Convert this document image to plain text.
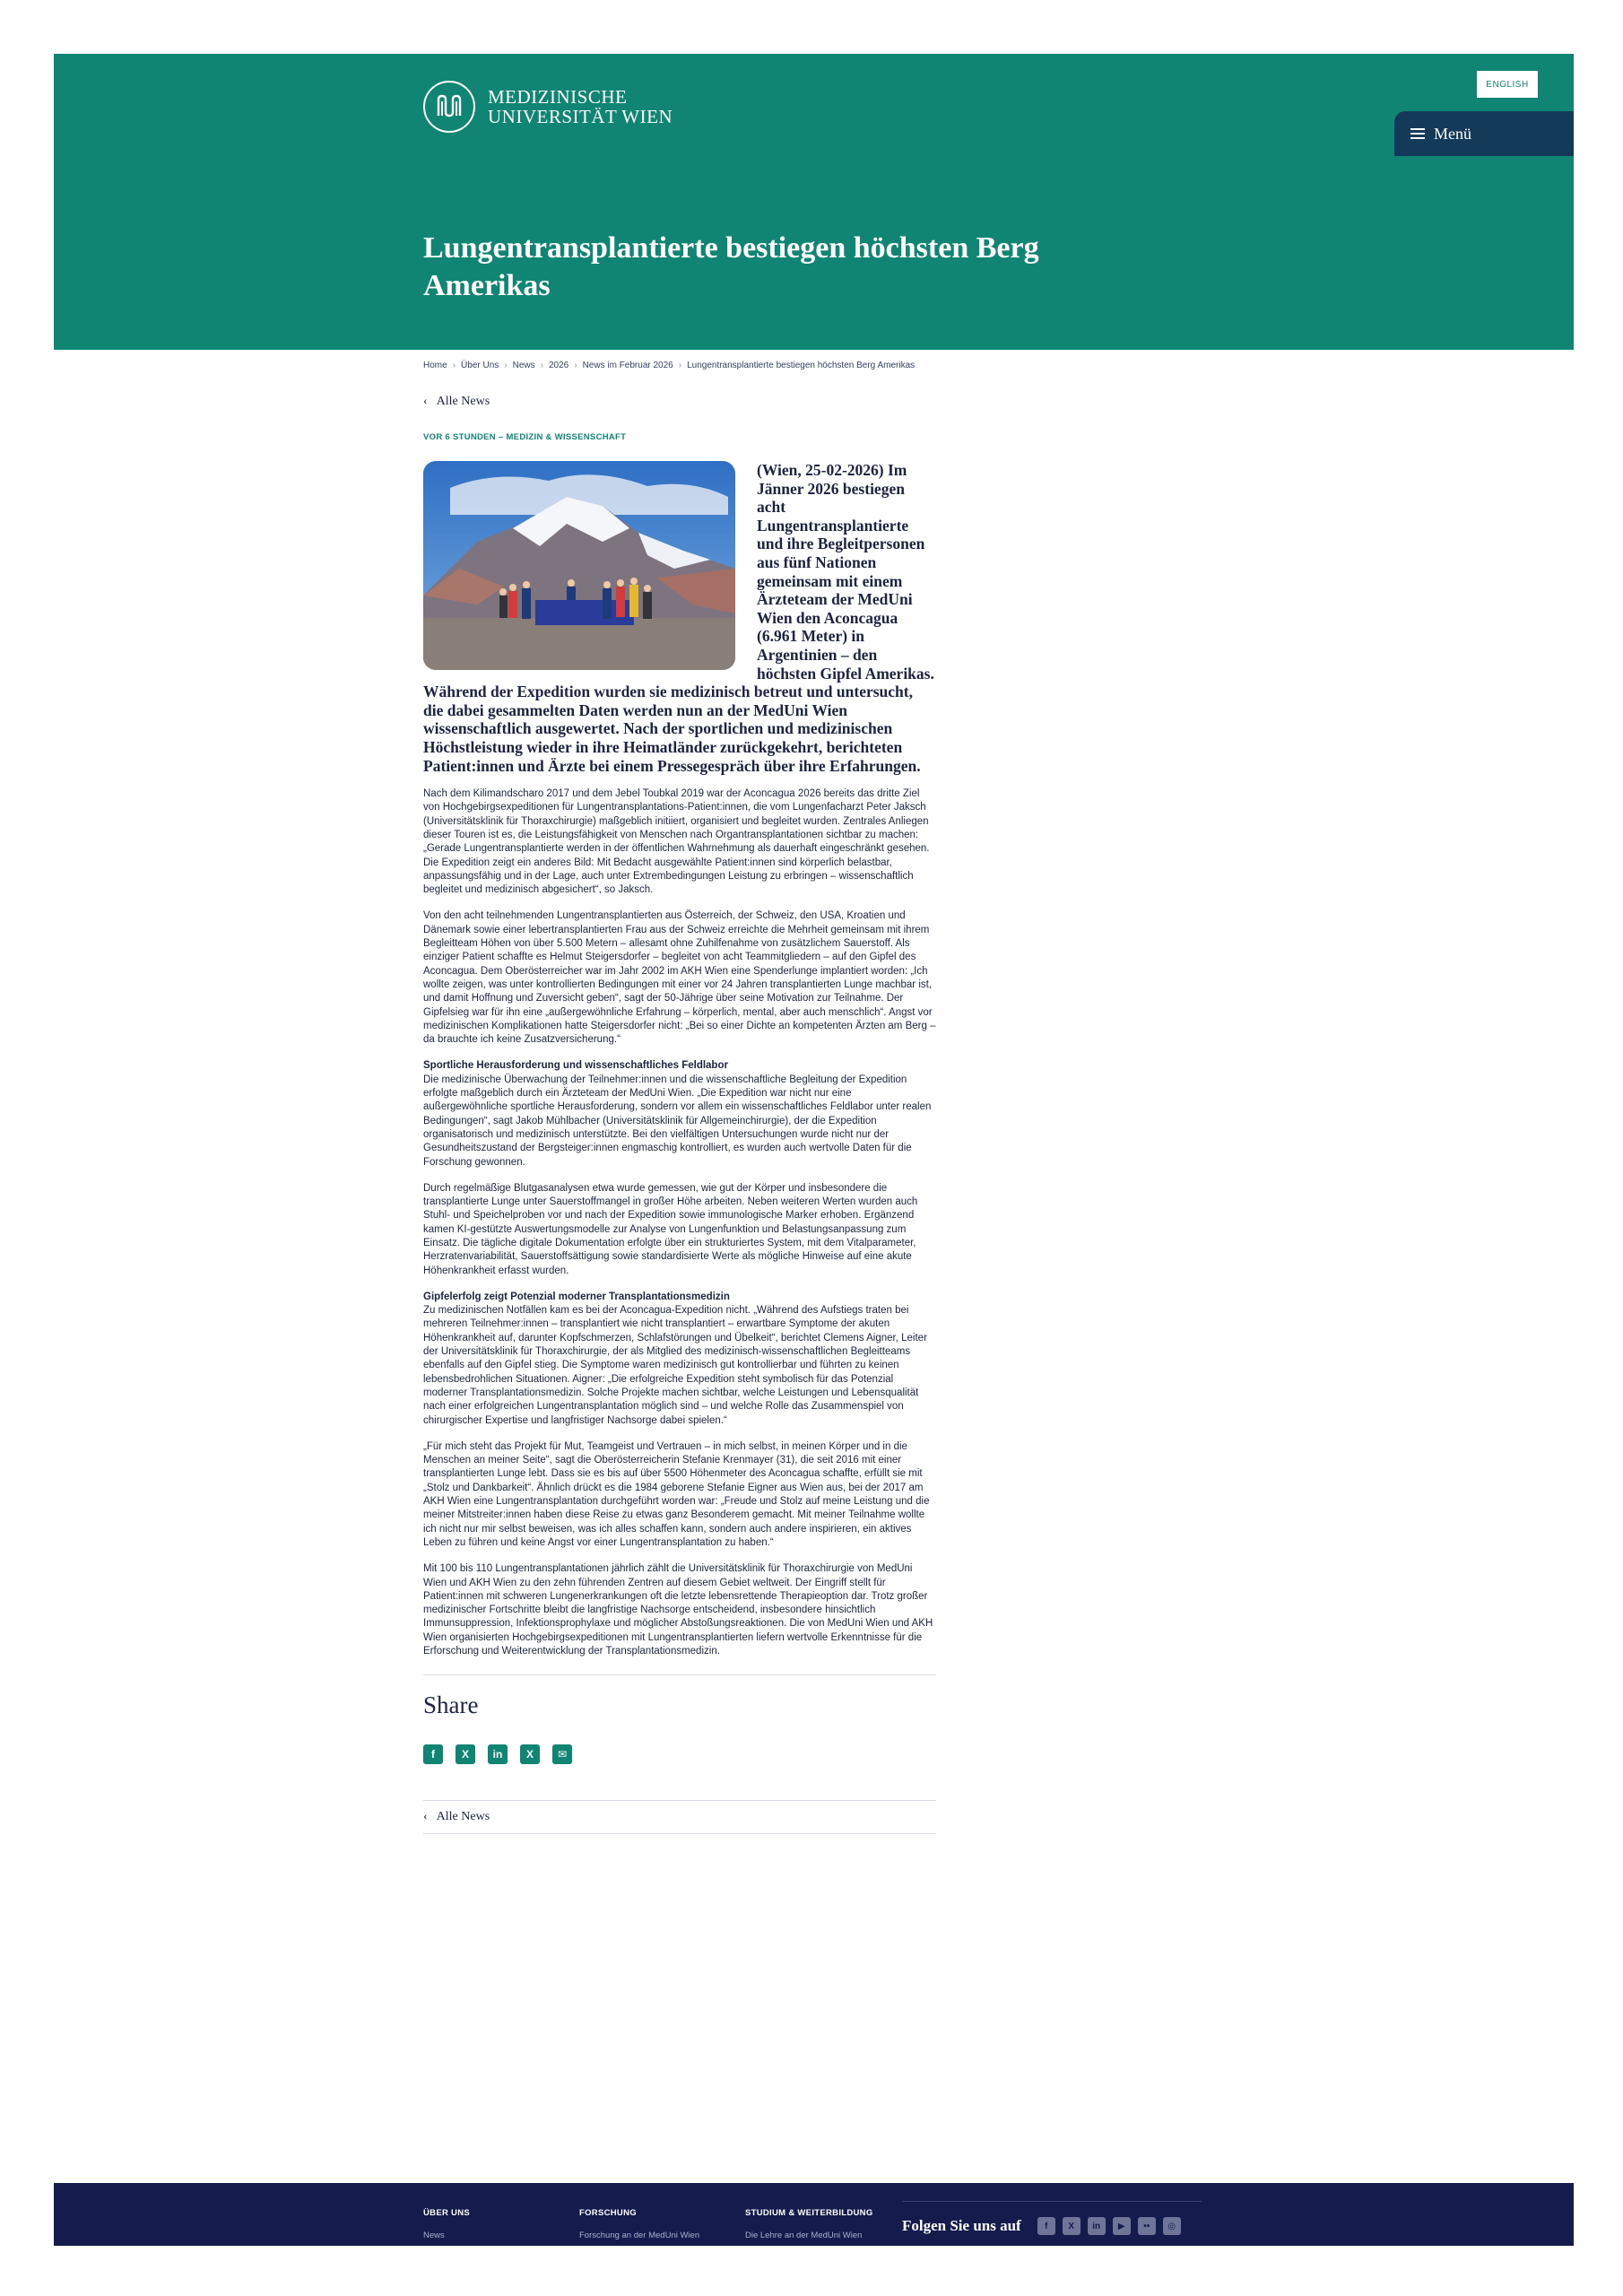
MEDIZINISCHE
UNIVERSITÄT WIEN
ENGLISH
Menü
Lungentransplantierte bestiegen höchsten Berg Amerikas
Home › Über Uns › News › 2026 › News im Februar 2026 › Lungentransplantierte bestiegen höchsten Berg Amerikas
‹ Alle News
VOR 6 STUNDEN – MEDIZIN & WISSENSCHAFT

(Wien, 25-02-2026) Im Jänner 2026 bestiegen acht Lungentransplantierte und ihre Begleitpersonen aus fünf Nationen gemeinsam mit einem Ärzteteam der MedUni Wien den Aconcagua (6.961 Meter) in Argentinien – den höchsten Gipfel Amerikas. Während der Expedition wurden sie medizinisch betreut und untersucht, die dabei gesammelten Daten werden nun an der MedUni Wien wissenschaftlich ausgewertet. Nach der sportlichen und medizinischen Höchstleistung wieder in ihre Heimatländer zurückgekehrt, berichteten Patient:innen und Ärzte bei einem Pressegespräch über ihre Erfahrungen.

Nach dem Kilimandscharo 2017 und dem Jebel Toubkal 2019 war der Aconcagua 2026 bereits das dritte Ziel von Hochgebirgsexpeditionen für Lungentransplantations-Patient:innen, die vom Lungenfacharzt Peter Jaksch (Universitätsklinik für Thoraxchirurgie) maßgeblich initiiert, organisiert und begleitet wurden. Zentrales Anliegen dieser Touren ist es, die Leistungsfähigkeit von Menschen nach Organtransplantationen sichtbar zu machen: „Gerade Lungentransplantierte werden in der öffentlichen Wahrnehmung als dauerhaft eingeschränkt gesehen. Die Expedition zeigt ein anderes Bild: Mit Bedacht ausgewählte Patient:innen sind körperlich belastbar, anpassungsfähig und in der Lage, auch unter Extrembedingungen Leistung zu erbringen – wissenschaftlich begleitet und medizinisch abgesichert“, so Jaksch.

Von den acht teilnehmenden Lungentransplantierten aus Österreich, der Schweiz, den USA, Kroatien und Dänemark sowie einer lebertransplantierten Frau aus der Schweiz erreichte die Mehrheit gemeinsam mit ihrem Begleitteam Höhen von über 5.500 Metern – allesamt ohne Zuhilfenahme von zusätzlichem Sauerstoff. Als einziger Patient schaffte es Helmut Steigersdorfer – begleitet von acht Teammitgliedern – auf den Gipfel des Aconcagua. Dem Oberösterreicher war im Jahr 2002 im AKH Wien eine Spenderlunge implantiert worden: „Ich wollte zeigen, was unter kontrollierten Bedingungen mit einer vor 24 Jahren transplantierten Lunge machbar ist, und damit Hoffnung und Zuversicht geben“, sagt der 50-Jährige über seine Motivation zur Teilnahme. Der Gipfelsieg war für ihn eine „außergewöhnliche Erfahrung – körperlich, mental, aber auch menschlich“. Angst vor medizinischen Komplikationen hatte Steigersdorfer nicht: „Bei so einer Dichte an kompetenten Ärzten am Berg – da brauchte ich keine Zusatzversicherung.“

Sportliche Herausforderung und wissenschaftliches Feldlabor

Die medizinische Überwachung der Teilnehmer:innen und die wissenschaftliche Begleitung der Expedition erfolgte maßgeblich durch ein Ärzteteam der MedUni Wien. „Die Expedition war nicht nur eine außergewöhnliche sportliche Herausforderung, sondern vor allem ein wissenschaftliches Feldlabor unter realen Bedingungen“, sagt Jakob Mühlbacher (Universitätsklinik für Allgemeinchirurgie), der die Expedition organisatorisch und medizinisch unterstützte. Bei den vielfältigen Untersuchungen wurde nicht nur der Gesundheitszustand der Bergsteiger:innen engmaschig kontrolliert, es wurden auch wertvolle Daten für die Forschung gewonnen.

Durch regelmäßige Blutgasanalysen etwa wurde gemessen, wie gut der Körper und insbesondere die transplantierte Lunge unter Sauerstoffmangel in großer Höhe arbeiten. Neben weiteren Werten wurden auch Stuhl- und Speichelproben vor und nach der Expedition sowie immunologische Marker erhoben. Ergänzend kamen KI-gestützte Auswertungsmodelle zur Analyse von Lungenfunktion und Belastungsanpassung zum Einsatz. Die tägliche digitale Dokumentation erfolgte über ein strukturiertes System, mit dem Vitalparameter, Herzratenvariabilität, Sauerstoffsättigung sowie standardisierte Werte als mögliche Hinweise auf eine akute Höhenkrankheit erfasst wurden.

Gipfelerfolg zeigt Potenzial moderner Transplantationsmedizin

Zu medizinischen Notfällen kam es bei der Aconcagua-Expedition nicht. „Während des Aufstiegs traten bei mehreren Teilnehmer:innen – transplantiert wie nicht transplantiert – erwartbare Symptome der akuten Höhenkrankheit auf, darunter Kopfschmerzen, Schlafstörungen und Übelkeit“, berichtet Clemens Aigner, Leiter der Universitätsklinik für Thoraxchirurgie, der als Mitglied des medizinisch-wissenschaftlichen Begleitteams ebenfalls auf den Gipfel stieg. Die Symptome waren medizinisch gut kontrollierbar und führten zu keinen lebensbedrohlichen Situationen. Aigner: „Die erfolgreiche Expedition steht symbolisch für das Potenzial moderner Transplantationsmedizin. Solche Projekte machen sichtbar, welche Leistungen und Lebensqualität nach einer erfolgreichen Lungentransplantation möglich sind – und welche Rolle das Zusammenspiel von chirurgischer Expertise und langfristiger Nachsorge dabei spielen.“

„Für mich steht das Projekt für Mut, Teamgeist und Vertrauen – in mich selbst, in meinen Körper und in die Menschen an meiner Seite“, sagt die Oberösterreicherin Stefanie Krenmayer (31), die seit 2016 mit einer transplantierten Lunge lebt. Dass sie es bis auf über 5500 Höhenmeter des Aconcagua schaffte, erfüllt sie mit „Stolz und Dankbarkeit“. Ähnlich drückt es die 1984 geborene Stefanie Eigner aus Wien aus, bei der 2017 am AKH Wien eine Lungentransplantation durchgeführt worden war: „Freude und Stolz auf meine Leistung und die meiner Mitstreiter:innen haben diese Reise zu etwas ganz Besonderem gemacht. Mit meiner Teilnahme wollte ich nicht nur mir selbst beweisen, was ich alles schaffen kann, sondern auch andere inspirieren, ein aktives Leben zu führen und keine Angst vor einer Lungentransplantation zu haben.“

Mit 100 bis 110 Lungentransplantationen jährlich zählt die Universitätsklinik für Thoraxchirurgie von MedUni Wien und AKH Wien zu den zehn führenden Zentren auf diesem Gebiet weltweit. Der Eingriff stellt für Patient:innen mit schweren Lungenerkrankungen oft die letzte lebensrettende Therapieoption dar. Trotz großer medizinischer Fortschritte bleibt die langfristige Nachsorge entscheidend, insbesondere hinsichtlich Immunsuppression, Infektionsprophylaxe und möglicher Abstoßungsreaktionen. Die von MedUni Wien und AKH Wien organisierten Hochgebirgsexpeditionen mit Lungentransplantierten liefern wertvolle Erkenntnisse für die Erforschung und Weiterentwicklung der Transplantationsmedizin.

Share
f	X	in	X	✉
‹ Alle News
ÜBER UNS
News
FORSCHUNG
Forschung an der MedUni Wien
STUDIUM & WEITERBILDUNG
Die Lehre an der MedUni Wien
Folgen Sie uns auf	f	X	in	▶	••	◎
